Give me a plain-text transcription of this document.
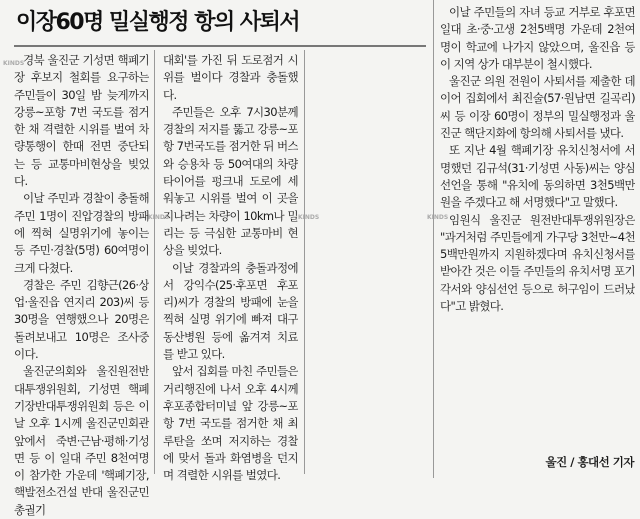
이장60명 밀실행정 항의 사퇴서

경북 울진군 기성면 핵폐기장 후보지 철회를 요구하는 주민들이 30일 밤 늦게까지 강릉~포항 7번 국도를 점거한 채 격렬한 시위를 벌여 차량통행이 한때 전면 중단되는 등 교통마비현상을 빚었다.

이날 주민과 경찰이 충돌해 주민 1명이 진압경찰의 방패에 찍혀 실명위기에 놓이는 등 주민·경찰(5명) 60여명이 크게 다쳤다.

경찰은 주민 김향근(26·상업·울진읍 연지리 203)씨 등 30명을 연행했으나 20명은 돌려보내고 10명은 조사중이다.

울진군의회와 울진원전반대투쟁위원회, 기성면 핵폐기장반대투쟁위원회 등은 이날 오후 1시께 울진군민회관 앞에서 죽변·근남·평해·기성면 등 이 일대 주민 8천여명이 참가한 가운데 '핵폐기장, 핵발전소건설 반대 울진군민 총궐기

대회'를 가진 뒤 도로점거 시위를 벌이다 경찰과 충돌했다.

주민들은 오후 7시30분께 경찰의 저지를 뚫고 강릉~포항 7번국도를 점거한 뒤 버스와 승용차 등 50여대의 차량 타이어를 펑크내 도로에 세워놓고 시위를 벌여 이 곳을 지나려는 차량이 10km나 밀리는 등 극심한 교통마비 현상을 빚었다.

이날 경찰과의 충돌과정에서 강익수(25·후포면 후포리)씨가 경찰의 방패에 눈을 찍혀 실명 위기에 빠져 대구 동산병원 등에 옮겨져 치료를 받고 있다.

앞서 집회를 마친 주민들은 거리행진에 나서 오후 4시께 후포종합터미널 앞 강릉~포항 7번 국도를 점거한 채 최루탄을 쏘며 저지하는 경찰에 맞서 돌과 화염병을 던지며 격렬한 시위를 벌였다.

이날 주민들의 자녀 등교 거부로 후포면 일대 초·중·고생 2천5백명 가운데 2천여명이 학교에 나가지 않았으며, 울진읍 등 이 지역 상가 대부분이 철시했다.

울진군 의원 전원이 사퇴서를 제출한 데 이어 집회에서 최진술(57·원남면 길곡리)씨 등 이장 60명이 정부의 밀실행정과 울진군 핵단지화에 항의해 사퇴서를 냈다.

또 지난 4월 핵폐기장 유치신청서에 서명했던 김규석(31·기성면 사동)씨는 양심선언을 통해 "유치에 동의하면 3천5백만원을 주겠다고 해 서명했다"고 말했다.

임원식 울진군 원전반대투쟁위원장은 "과거처럼 주민들에게 가구당 3천만~4천5백만원까지 지원하겠다며 유치신청서를 받아간 것은 이들 주민들의 유치서명 포기각서와 양심선언 등으로 허구임이 드러났다"고 밝혔다.

울진 / 홍대선 기자
KINDS
KINDS	KINDS	KINDS
